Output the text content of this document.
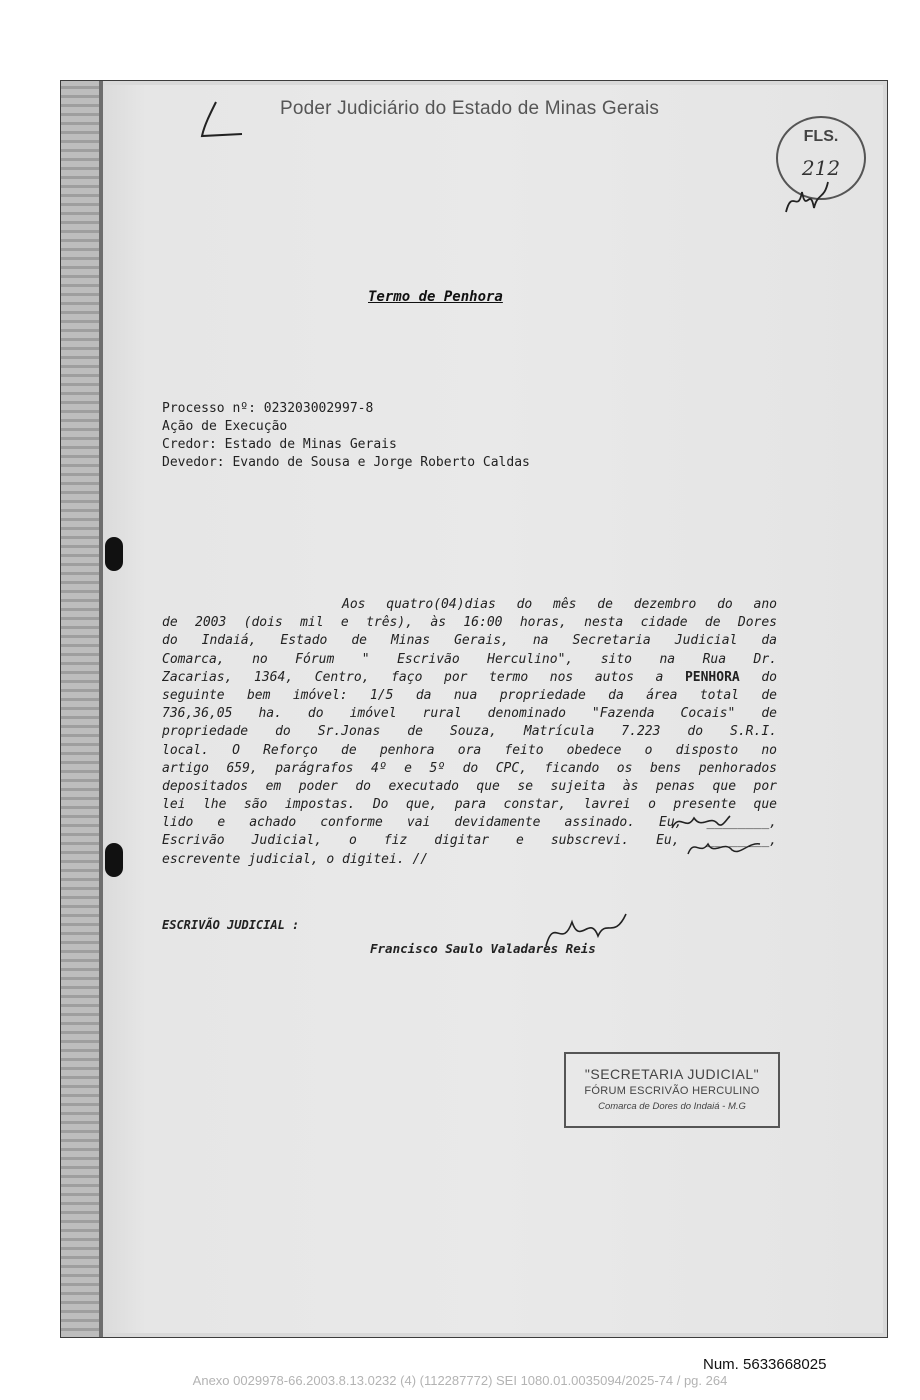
Poder Judiciário do Estado de Minas Gerais
FLS.
212
Termo de Penhora
Processo nº: 023203002997-8
Ação de Execução
Credor: Estado de Minas Gerais
Devedor: Evando de Sousa e Jorge Roberto Caldas
Aos quatro(04)dias do mês de dezembro do ano
de 2003 (dois mil e três), às 16:00 horas, nesta cidade de Dores
do Indaiá, Estado de Minas Gerais, na Secretaria Judicial da
Comarca, no Fórum " Escrivão Herculino", sito na Rua Dr.
Zacarias, 1364, Centro, faço por termo nos autos a PENHORA do
seguinte bem imóvel: 1/5 da nua propriedade da área total de
736,36,05 ha. do imóvel rural denominado "Fazenda Cocais" de
propriedade do Sr.Jonas de Souza, Matrícula 7.223 do S.R.I.
local. O Reforço de penhora ora feito obedece o disposto no
artigo 659, parágrafos 4º e 5º do CPC, ficando os bens penhorados
depositados em poder do executado que se sujeita às penas que por
lei lhe são impostas. Do que, para constar, lavrei o presente que
lido e achado conforme vai devidamente assinado. Eu, ________,
Escrivão Judicial, o fiz digitar e subscrevi. Eu, ________,
escrevente judicial, o digitei. //
ESCRIVÃO JUDICIAL :
Francisco Saulo Valadares Reis
"SECRETARIA JUDICIAL"
FÓRUM ESCRIVÃO HERCULINO
Comarca de Dores do Indaiá - M.G
Num. 5633668025
Anexo 0029978-66.2003.8.13.0232 (4) (112287772) SEI 1080.01.0035094/2025-74 / pg. 264
